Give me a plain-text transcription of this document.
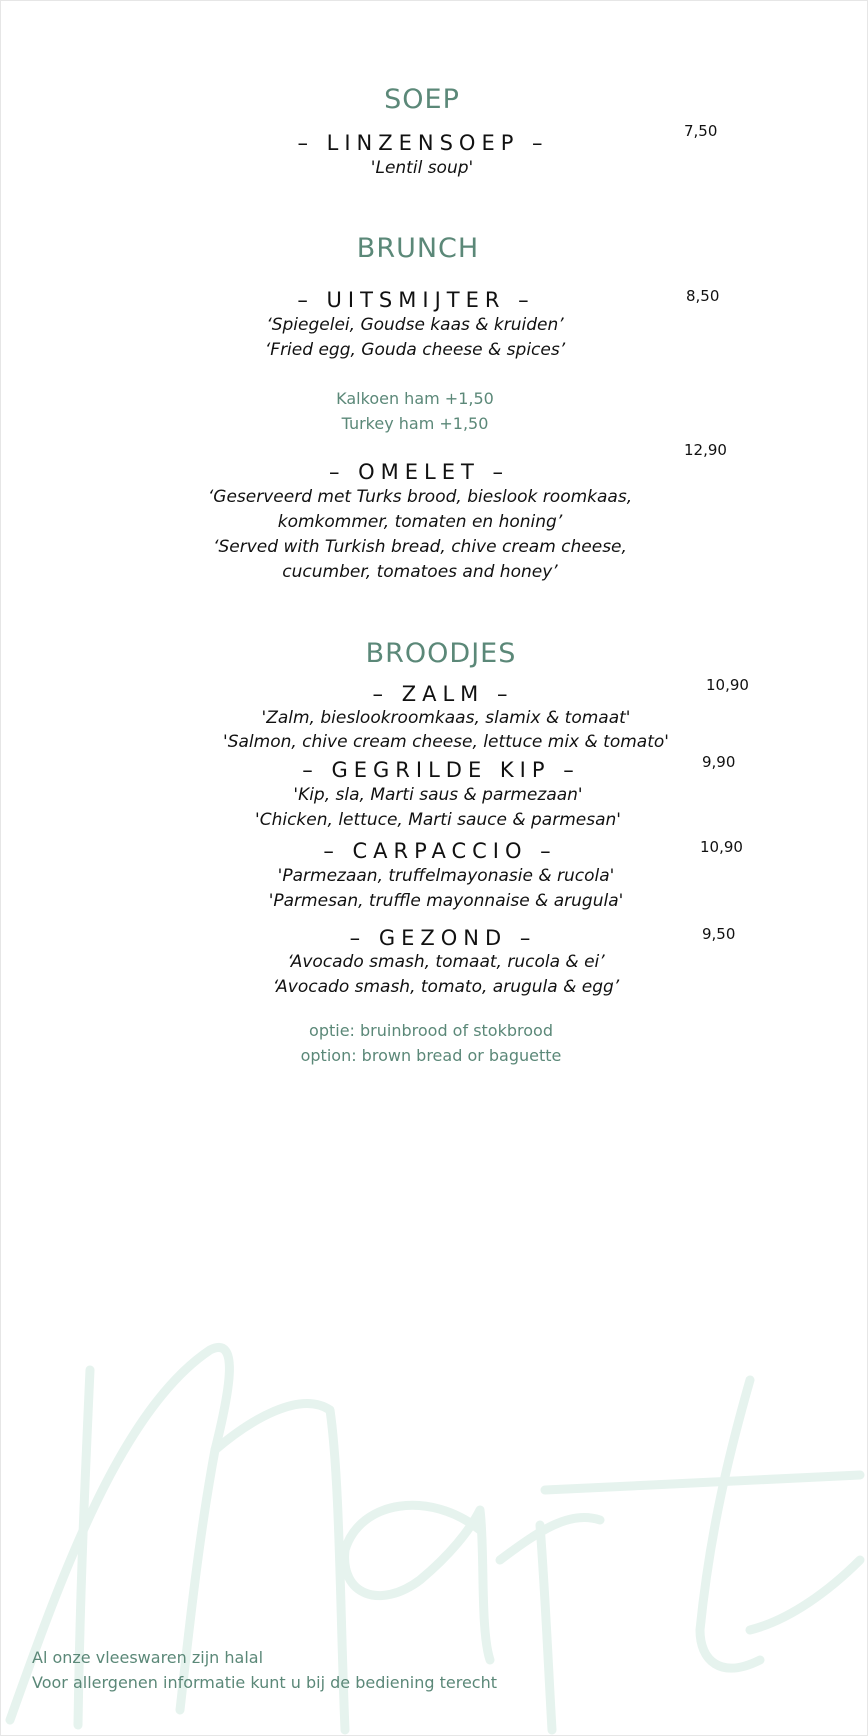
SOEP
– LINZENSOEP –
'Lentil soup'
7,50
BRUNCH
– UITSMIJTER –	8,50
‘Spiegelei, Goudse kaas & kruiden’
‘Fried egg, Gouda cheese & spices’
Kalkoen ham +1,50
Turkey ham +1,50
12,90
– OMELET –
‘Geserveerd met Turks brood, bieslook roomkaas,
komkommer, tomaten en honing’
‘Served with Turkish bread, chive cream cheese,
cucumber, tomatoes and honey’
BROODJES
– ZALM –	10,90
'Zalm, bieslookroomkaas, slamix & tomaat'
'Salmon, chive cream cheese, lettuce mix & tomato'
– GEGRILDE KIP –	9,90
'Kip, sla, Marti saus & parmezaan'
'Chicken, lettuce, Marti sauce & parmesan'
– CARPACCIO –	10,90
'Parmezaan, truffelmayonasie & rucola'
'Parmesan, truffle mayonnaise & arugula'
– GEZOND –	9,50
‘Avocado smash, tomaat, rucola & ei’
‘Avocado smash, tomato, arugula & egg’
optie: bruinbrood of stokbrood
option: brown bread or baguette
Al onze vleeswaren zijn halal
Voor allergenen informatie kunt u bij de bediening terecht
